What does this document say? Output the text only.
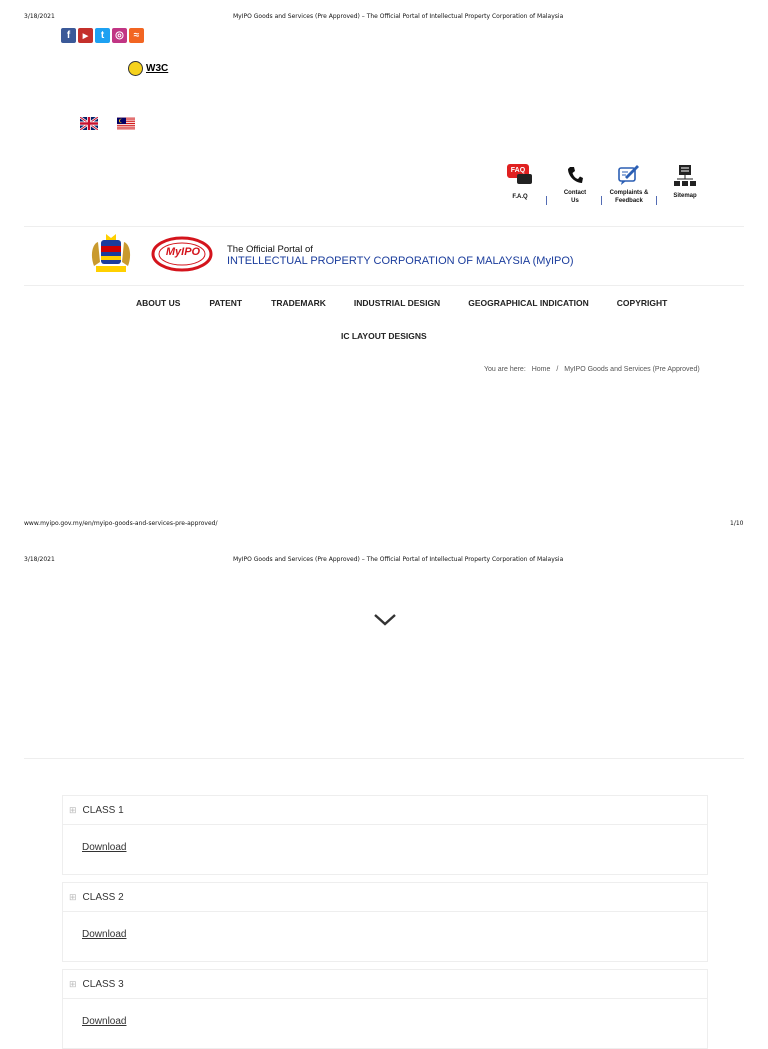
3/18/2021	MyIPO Goods and Services (Pre Approved) – The Official Portal of Intellectual Property Corporation of Malaysia
f	▶	t	◎ ≈
W3C
FAQ
F.A.Q |
Contact Us	|
Complaints & Feedback	|	Sitemap
MyIPO	The Official Portal of
INTELLECTUAL PROPERTY CORPORATION OF MALAYSIA (MyIPO)
ABOUT US	PATENT	TRADEMARK	INDUSTRIAL DESIGN	GEOGRAPHICAL INDICATION	COPYRIGHT
IC LAYOUT DESIGNS
You are here: Home / MyIPO Goods and Services (Pre Approved)
www.myipo.gov.my/en/myipo-goods-and-services-pre-approved/	1/10
3/18/2021	MyIPO Goods and Services (Pre Approved) – The Official Portal of Intellectual Property Corporation of Malaysia
⊞ CLASS 1
Download
⊞ CLASS 2
Download
⊞ CLASS 3
Download
